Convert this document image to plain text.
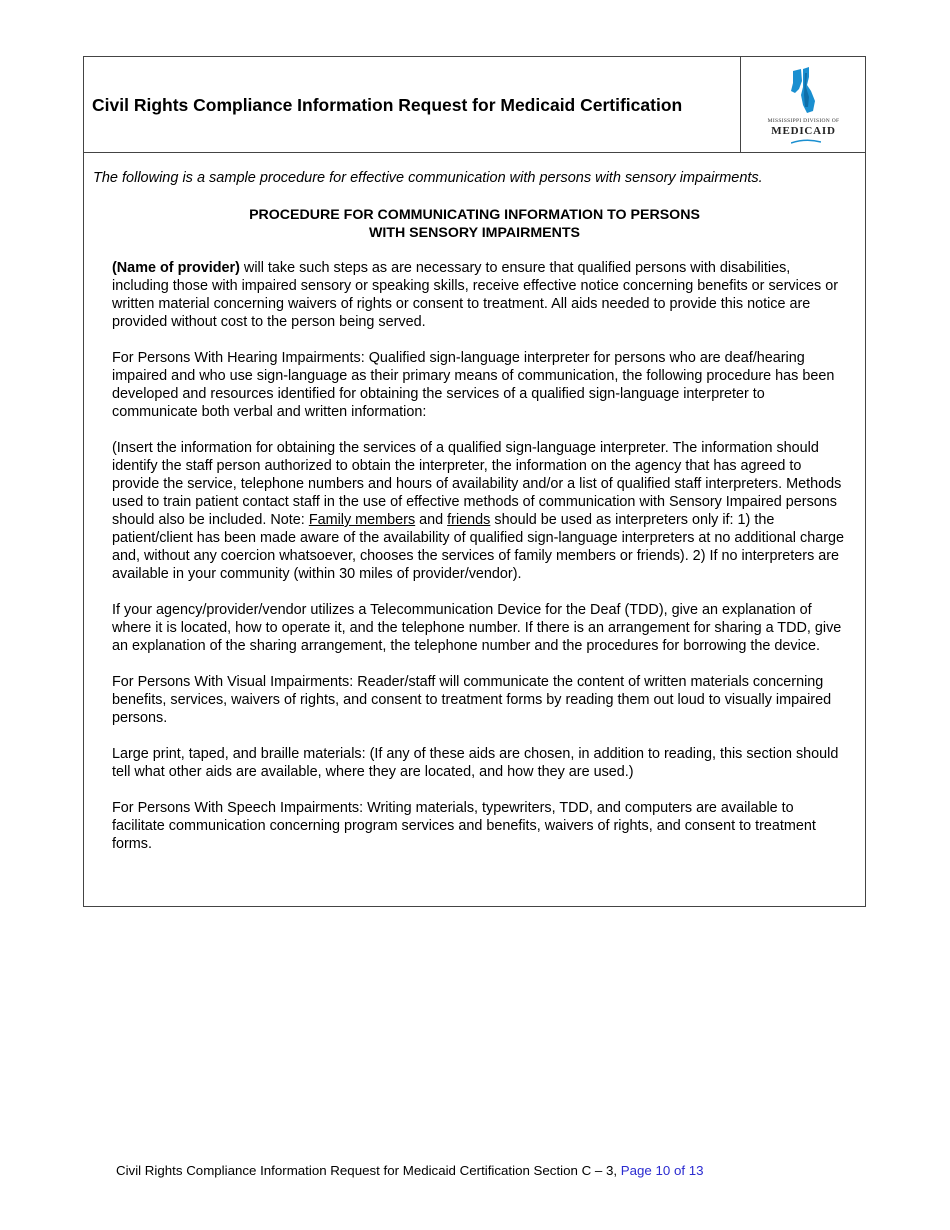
Civil Rights Compliance Information Request for Medicaid Certification
MISSISSIPPI DIVISION OF
MEDICAID
The following is a sample procedure for effective communication with persons with sensory impairments.
PROCEDURE FOR COMMUNICATING INFORMATION TO PERSONS
WITH SENSORY IMPAIRMENTS

(Name of provider) will take such steps as are necessary to ensure that qualified persons with disabilities, including those with impaired sensory or speaking skills, receive effective notice concerning benefits or services or written material concerning waivers of rights or consent to treatment. All aids needed to provide this notice are provided without cost to the person being served.

For Persons With Hearing Impairments: Qualified sign-language interpreter for persons who are deaf/hearing impaired and who use sign-language as their primary means of communication, the following procedure has been developed and resources identified for obtaining the services of a qualified sign-language interpreter to communicate both verbal and written information:

(Insert the information for obtaining the services of a qualified sign-language interpreter. The information should identify the staff person authorized to obtain the interpreter, the information on the agency that has agreed to provide the service, telephone numbers and hours of availability and/or a list of qualified staff interpreters. Methods used to train patient contact staff in the use of effective methods of communication with Sensory Impaired persons should also be included. Note: Family members and friends should be used as interpreters only if: 1) the patient/client has been made aware of the availability of qualified sign-language interpreters at no additional charge and, without any coercion whatsoever, chooses the services of family members or friends). 2) If no interpreters are available in your community (within 30 miles of provider/vendor).

If your agency/provider/vendor utilizes a Telecommunication Device for the Deaf (TDD), give an explanation of where it is located, how to operate it, and the telephone number. If there is an arrangement for sharing a TDD, give an explanation of the sharing arrangement, the telephone number and the procedures for borrowing the device.

For Persons With Visual Impairments: Reader/staff will communicate the content of written materials concerning benefits, services, waivers of rights, and consent to treatment forms by reading them out loud to visually impaired persons.

Large print, taped, and braille materials: (If any of these aids are chosen, in addition to reading, this section should tell what other aids are available, where they are located, and how they are used.)

For Persons With Speech Impairments: Writing materials, typewriters, TDD, and computers are available to facilitate communication concerning program services and benefits, waivers of rights, and consent to treatment forms.

Civil Rights Compliance Information Request for Medicaid Certification Section C – 3, Page 10 of 13
